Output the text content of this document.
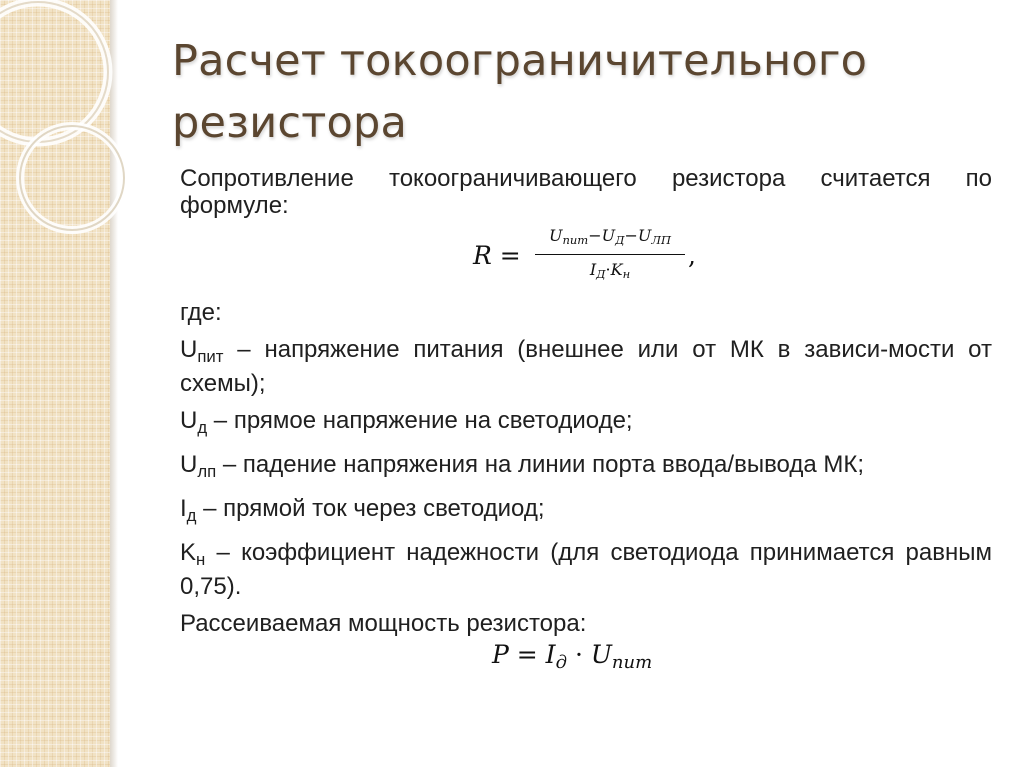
Расчет токоограничительного
резистора

Сопротивление токоограничивающего резистора считается по формуле:

R =
$U_{пит}-U_Д-U_{ЛП}$
$I_Д\cdot K_н$
,

где:

$U_{пит}$ – напряжение питания (внешнее или от МК в зависи-мости от схемы);

$U_д$ – прямое напряжение на светодиоде;

$U_{лп}$ – падение напряжения на линии порта ввода/вывода МК;

$I_д$ – прямой ток через светодиод;

$K_н$ – коэффициент надежности (для светодиода принимается равным 0,75).

Рассеиваемая мощность резистора:

$P = I_д \cdot U_{пит}$
